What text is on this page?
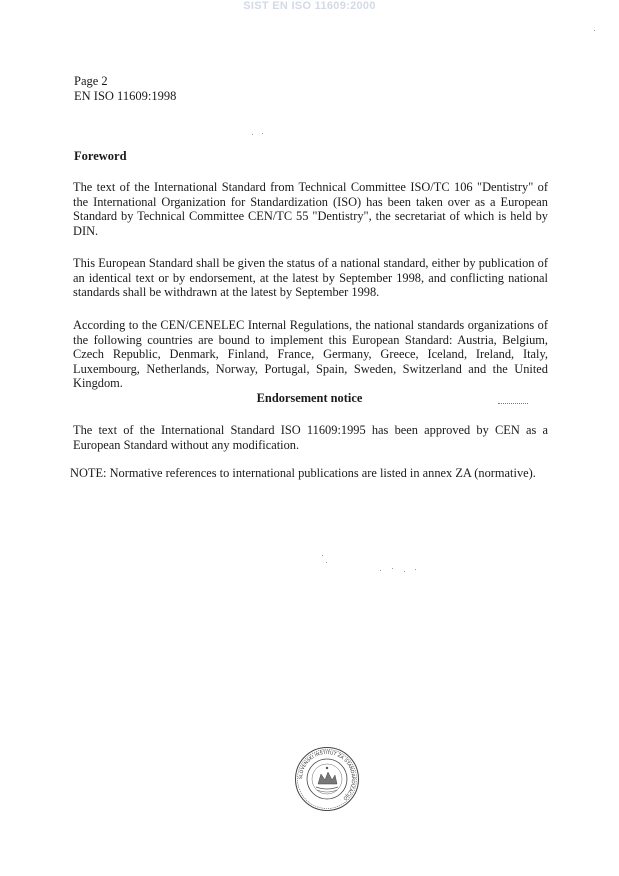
SIST EN ISO 11609:2000
Page 2
EN ISO 11609:1998
Foreword
The text of the International Standard from Technical Committee ISO/TC 106 "Dentistry" of the International Organization for Standardization (ISO) has been taken over as a European Standard by Technical Committee CEN/TC 55 "Dentistry", the secretariat of which is held by DIN.
This European Standard shall be given the status of a national standard, either by publication of an identical text or by endorsement, at the latest by September 1998, and conflicting national standards shall be withdrawn at the latest by September 1998.
According to the CEN/CENELEC Internal Regulations, the national standards organizations of the following countries are bound to implement this European Standard: Austria, Belgium, Czech Republic, Denmark, Finland, France, Germany, Greece, Iceland, Ireland, Italy, Luxembourg, Netherlands, Norway, Portugal, Spain, Sweden, Switzerland and the United Kingdom.
Endorsement notice
The text of the International Standard ISO 11609:1995 has been approved by CEN as a European Standard without any modification.
NOTE: Normative references to international publications are listed in annex ZA (normative).
SLOVENSKI INŠTITUT ZA STANDARDIZACIJO
